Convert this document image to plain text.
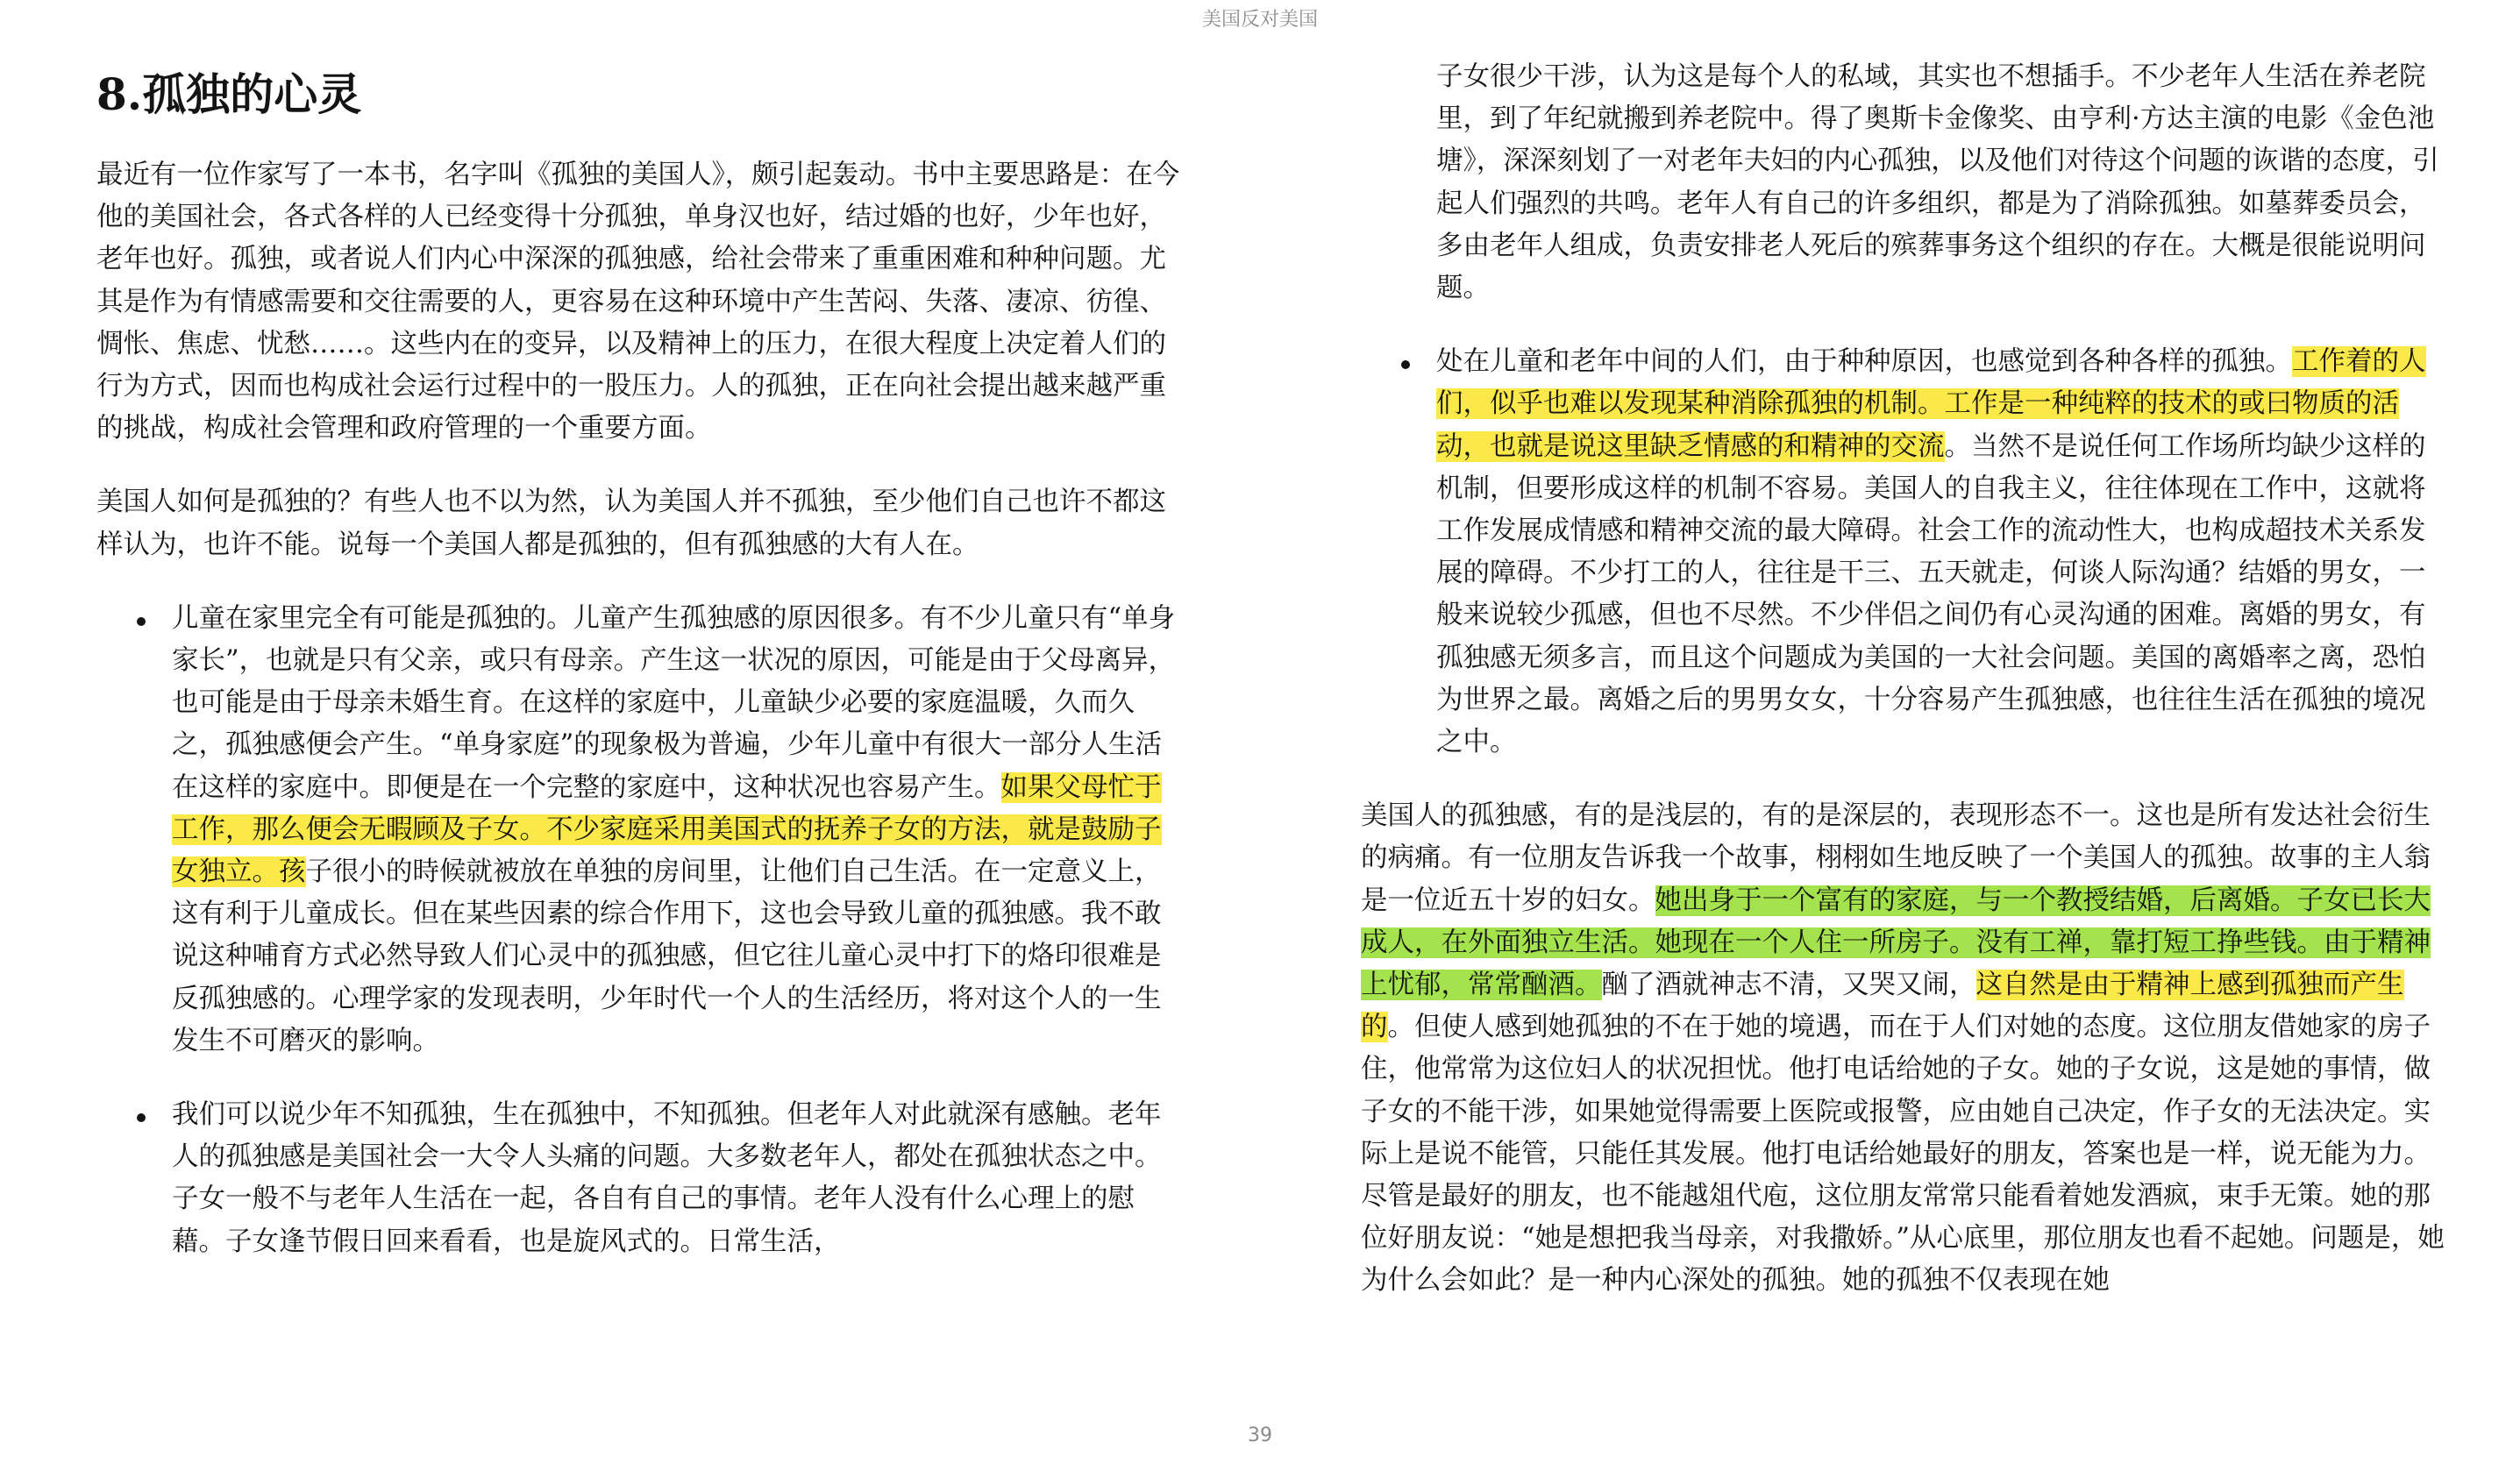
美国反对美国
8.孤独的心灵

最近有一位作家写了一本书，名字叫《孤独的美国人》，颇引起轰动。书中主要思路是：在今他的美国社会，各式各样的人已经变得十分孤独，单身汉也好，结过婚的也好，少年也好，老年也好。孤独，或者说人们内心中深深的孤独感，给社会带来了重重困难和种种问题。尤其是作为有情感需要和交往需要的人，更容易在这种环境中产生苦闷、失落、凄凉、彷徨、惆怅、焦虑、忧愁……。这些内在的变异，以及精神上的压力，在很大程度上决定着人们的行为方式，因而也构成社会运行过程中的一股压力。人的孤独，正在向社会提出越来越严重的挑战，构成社会管理和政府管理的一个重要方面。

美国人如何是孤独的？有些人也不以为然，认为美国人并不孤独，至少他们自己也许不都这样认为，也许不能。说每一个美国人都是孤独的，但有孤独感的大有人在。

儿童在家里完全有可能是孤独的。儿童产生孤独感的原因很多。有不少儿童只有“单身家长”，也就是只有父亲，或只有母亲。产生这一状况的原因，可能是由于父母离异，也可能是由于母亲未婚生育。在这样的家庭中，儿童缺少必要的家庭温暖，久而久之，孤独感便会产生。“单身家庭”的现象极为普遍，少年儿童中有很大一部分人生活在这样的家庭中。即便是在一个完整的家庭中，这种状况也容易产生。如果父母忙于工作，那么便会无暇顾及子女。不少家庭采用美国式的抚养子女的方法，就是鼓励子女独立。孩子很小的時候就被放在单独的房间里，让他们自己生活。在一定意义上，这有利于儿童成长。但在某些因素的综合作用下，这也会导致儿童的孤独感。我不敢说这种哺育方式必然导致人们心灵中的孤独感，但它往儿童心灵中打下的烙印很难是反孤独感的。心理学家的发现表明，少年时代一个人的生活经历，将对这个人的一生发生不可磨灭的影响。
我们可以说少年不知孤独，生在孤独中，不知孤独。但老年人对此就深有感触。老年人的孤独感是美国社会一大令人头痛的问题。大多数老年人，都处在孤独状态之中。子女一般不与老年人生活在一起，各自有自己的事情。老年人没有什么心理上的慰藉。子女逢节假日回来看看，也是旋风式的。日常生活，

子女很少干涉，认为这是每个人的私域，其实也不想插手。不少老年人生活在养老院里，到了年纪就搬到养老院中。得了奥斯卡金像奖、由亨利·方达主演的电影《金色池塘》，深深刻划了一对老年夫妇的内心孤独，以及他们对待这个问题的诙谐的态度，引起人们强烈的共鸣。老年人有自己的许多组织，都是为了消除孤独。如墓葬委员会，多由老年人组成，负责安排老人死后的殡葬事务这个组织的存在。大概是很能说明问题。

处在儿童和老年中间的人们，由于种种原因，也感觉到各种各样的孤独。工作着的人们，似乎也难以发现某种消除孤独的机制。工作是一种纯粹的技术的或曰物质的活动，也就是说这里缺乏情感的和精神的交流。当然不是说任何工作场所均缺少这样的机制，但要形成这样的机制不容易。美国人的自我主义，往往体现在工作中，这就将工作发展成情感和精神交流的最大障碍。社会工作的流动性大，也构成超技术关系发展的障碍。不少打工的人，往往是干三、五天就走，何谈人际沟通？结婚的男女，一般来说较少孤感，但也不尽然。不少伴侣之间仍有心灵沟通的困难。离婚的男女，有孤独感无须多言，而且这个问题成为美国的一大社会问题。美国的离婚率之离，恐怕为世界之最。离婚之后的男男女女，十分容易产生孤独感，也往往生活在孤独的境况之中。

美国人的孤独感，有的是浅层的，有的是深层的，表现形态不一。这也是所有发达社会衍生的病痛。有一位朋友告诉我一个故事，栩栩如生地反映了一个美国人的孤独。故事的主人翁是一位近五十岁的妇女。她出身于一个富有的家庭，与一个教授结婚，后离婚。子女已长大成人，在外面独立生活。她现在一个人住一所房子。没有工禅，靠打短工挣些钱。由于精神上忧郁，常常酗酒。酗了酒就神志不清，又哭又闹，这自然是由于精神上感到孤独而产生的。但使人感到她孤独的不在于她的境遇，而在于人们对她的态度。这位朋友借她家的房子住，他常常为这位妇人的状况担忧。他打电话给她的子女。她的子女说，这是她的事情，做子女的不能干涉，如果她觉得需要上医院或报警，应由她自己决定，作子女的无法决定。实际上是说不能管，只能任其发展。他打电话给她最好的朋友，答案也是一样，说无能为力。尽管是最好的朋友，也不能越俎代庖，这位朋友常常只能看着她发酒疯，束手无策。她的那位好朋友说：“她是想把我当母亲，对我撒娇。”从心底里，那位朋友也看不起她。问题是，她为什么会如此？是一种内心深处的孤独。她的孤独不仅表现在她

39
